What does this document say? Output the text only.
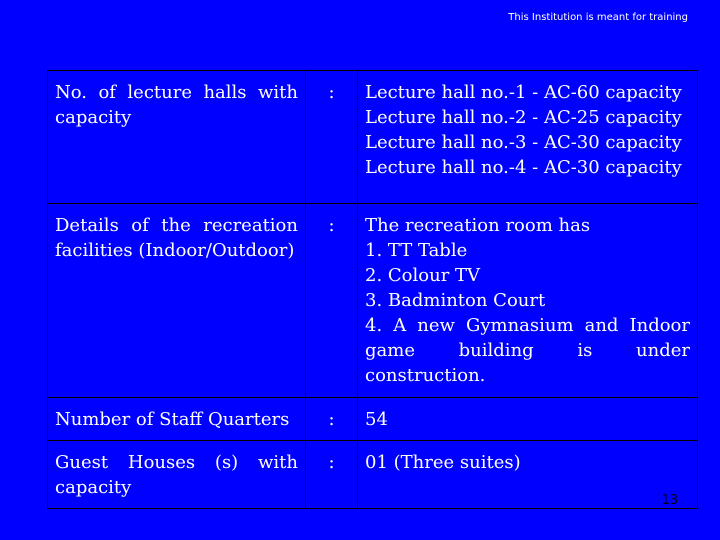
This Institution is meant for training
No. of lecture halls with capacity	:	Lecture hall no.-1 - AC-60 capacity
Lecture hall no.-2 - AC-25 capacity
Lecture hall no.-3 - AC-30 capacity
Lecture hall no.-4 - AC-30 capacity

Details of the recreation facilities (Indoor/Outdoor)	:	The recreation room has
1. TT Table
2. Colour TV
3. Badminton Court
4. A new Gymnasium and Indoor game building is under construction.

Number of Staff Quarters	:	54
Guest Houses (s) with capacity	:	01 (Three suites)
13
